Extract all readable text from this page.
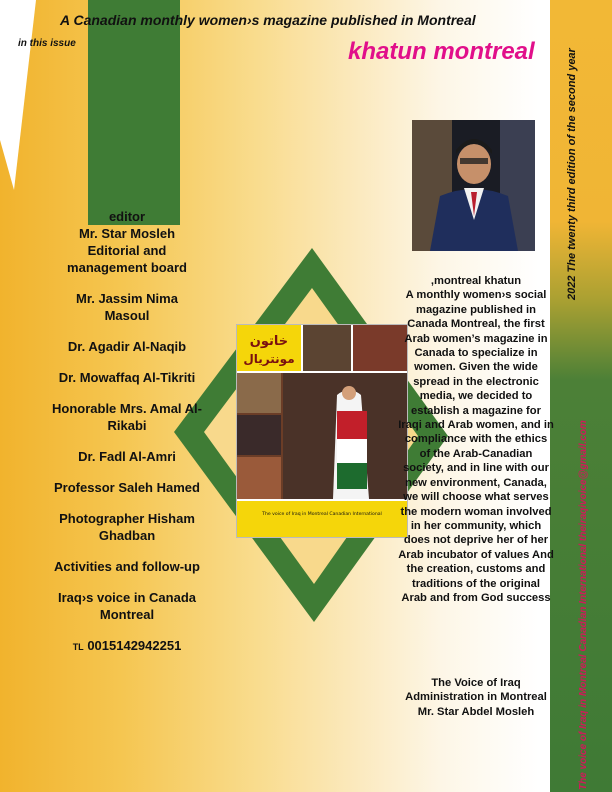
A Canadian monthly women›s magazine published in Montreal
in this issue	khatun montreal	2022 The twenty third edition of the second year
The voice of Iraq in Montreal Canadian International theiraqivoice@gmail.com
خاتون
مونتريال
The voice of Iraq in Montreal Canadian International
editor
Mr. Star Mosleh
Editorial and management board
Mr. Jassim Nima Masoul
Dr. Agadir Al-Naqib
Dr. Mowaffaq Al-Tikriti
Honorable Mrs. Amal Al-Rikabi
Dr. Fadl Al-Amri
Professor Saleh Hamed
Photographer Hisham Ghadban
Activities and follow-up
Iraq›s voice in Canada Montreal
TL 0015142942251
,montreal khatun
A monthly women›s social magazine published in Canada Montreal, the first Arab women’s magazine in Canada to specialize in women. Given the wide spread in the electronic media, we decided to establish a magazine for Iraqi and Arab women, and in compliance with the ethics of the Arab-Canadian society, and in line with our new environment, Canada, we will choose what serves the modern woman involved in her community, which does not deprive her of her Arab incubator of values And the creation, customs and traditions of the original Arab and from God success
The Voice of Iraq
Administration in Montreal
Mr. Star Abdel Mosleh
